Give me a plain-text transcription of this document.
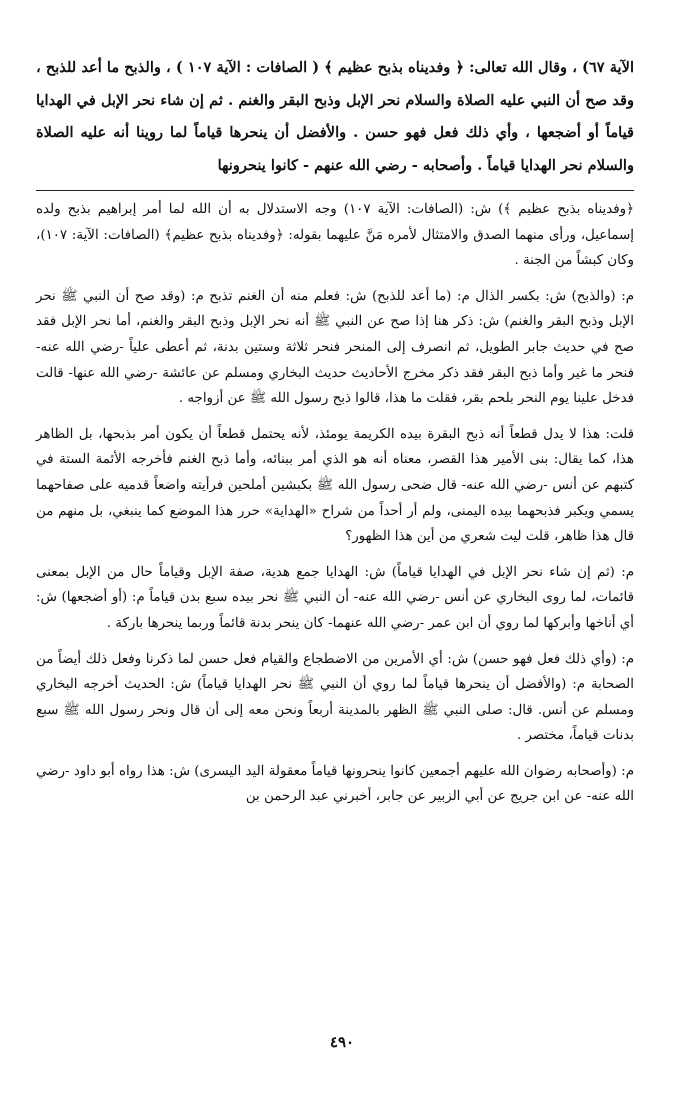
الآية ٦٧) ، وقال الله تعالى: ﴿ وفديناه بذبح عظيم ﴾ ( الصافات : الآية ١٠٧ ) ، والذبح ما أعد للذبح ، وقد صح أن النبي عليه الصلاة والسلام نحر الإبل وذبح البقر والغنم . ثم إن شاء نحر الإبل في الهدايا قياماً أو أضجعها ، وأي ذلك فعل فهو حسن . والأفضل أن ينحرها قياماً لما روينا أنه عليه الصلاة والسلام نحر الهدايا قياماً . وأصحابه - رضي الله عنهم - كانوا ينحرونها

﴿وفديناه بذبح عظيم ﴾) ش: (الصافات: الآية ١٠٧) وجه الاستدلال به أن الله لما أمر إبراهيم بذبح ولده إسماعيل، ورأى منهما الصدق والامتثال لأمره مَنَّ عليهما بقوله: ﴿وفديناه بذبح عظيم﴾ (الصافات: الآية: ١٠٧)، وكان كبشاً من الجنة .

م: (والذبح) ش: بكسر الذال م: (ما أعد للذبح) ش: فعلم منه أن الغنم تذبح م: (وقد صح أن النبي ﷺ نحر الإبل وذبح البقر والغنم) ش: ذكر هنا إذا صح عن النبي ﷺ أنه نحر الإبل وذبح البقر والغنم، أما نحر الإبل فقد صح في حديث جابر الطويل، ثم انصرف إلى المنحر فنحر ثلاثة وستين بدنة، ثم أعطى علياً -رضي الله عنه- فنحر ما غير وأما ذبح البقر فقد ذكر مخرج الأحاديث حديث البخاري ومسلم عن عائشة -رضي الله عنها- قالت فدخل علينا يوم النحر بلحم بقر، فقلت ما هذا، قالوا ذبح رسول الله ﷺ عن أزواجه .

قلت: هذا لا يدل قطعاً أنه ذبح البقرة بيده الكريمة يومئذ، لأنه يحتمل قطعاً أن يكون أمر بذبحها، بل الظاهر هذا، كما يقال: بنى الأمير هذا القصر، معناه أنه هو الذي أمر ببنائه، وأما ذبح الغنم فأخرجه الأئمة الستة في كتبهم عن أنس -رضي الله عنه- قال ضحى رسول الله ﷺ بكبشين أملحين فرأيته واضعاً قدميه على صفاحهما يسمي ويكبر فذبحهما بيده اليمنى، ولم أر أحداً من شراح «الهداية» حرر هذا الموضع كما ينبغي، بل منهم من قال هذا ظاهر، قلت ليت شعري من أين هذا الظهور؟

م: (ثم إن شاء نحر الإبل في الهدايا قياماً) ش: الهدايا جمع هدية، صفة الإبل وقياماً حال من الإبل بمعنى قائمات، لما روى البخاري عن أنس -رضي الله عنه- أن النبي ﷺ نحر بيده سبع بدن قياماً م: (أو أضجعها) ش: أي أناخها وأبركها لما روي أن ابن عمر -رضي الله عنهما- كان ينحر بدنة قائماً وربما ينحرها باركة .

م: (وأي ذلك فعل فهو حسن) ش: أي الأمرين من الاضطجاع والقيام فعل حسن لما ذكرنا وفعل ذلك أيضاً من الصحابة م: (والأفضل أن ينحرها قياماً لما روي أن النبي ﷺ نحر الهدايا قياماً) ش: الحديث أخرجه البخاري ومسلم عن أنس. قال: صلى النبي ﷺ الظهر بالمدينة أربعاً ونحن معه إلى أن قال ونحر رسول الله ﷺ سبع بدنات قياماً، مختصر .

م: (وأصحابه رضوان الله عليهم أجمعين كانوا ينحرونها قياماً معقولة اليد اليسرى) ش: هذا رواه أبو داود -رضي الله عنه- عن ابن جريج عن أبي الزبير عن جابر، أخبرني عبد الرحمن بن

٤٩٠
